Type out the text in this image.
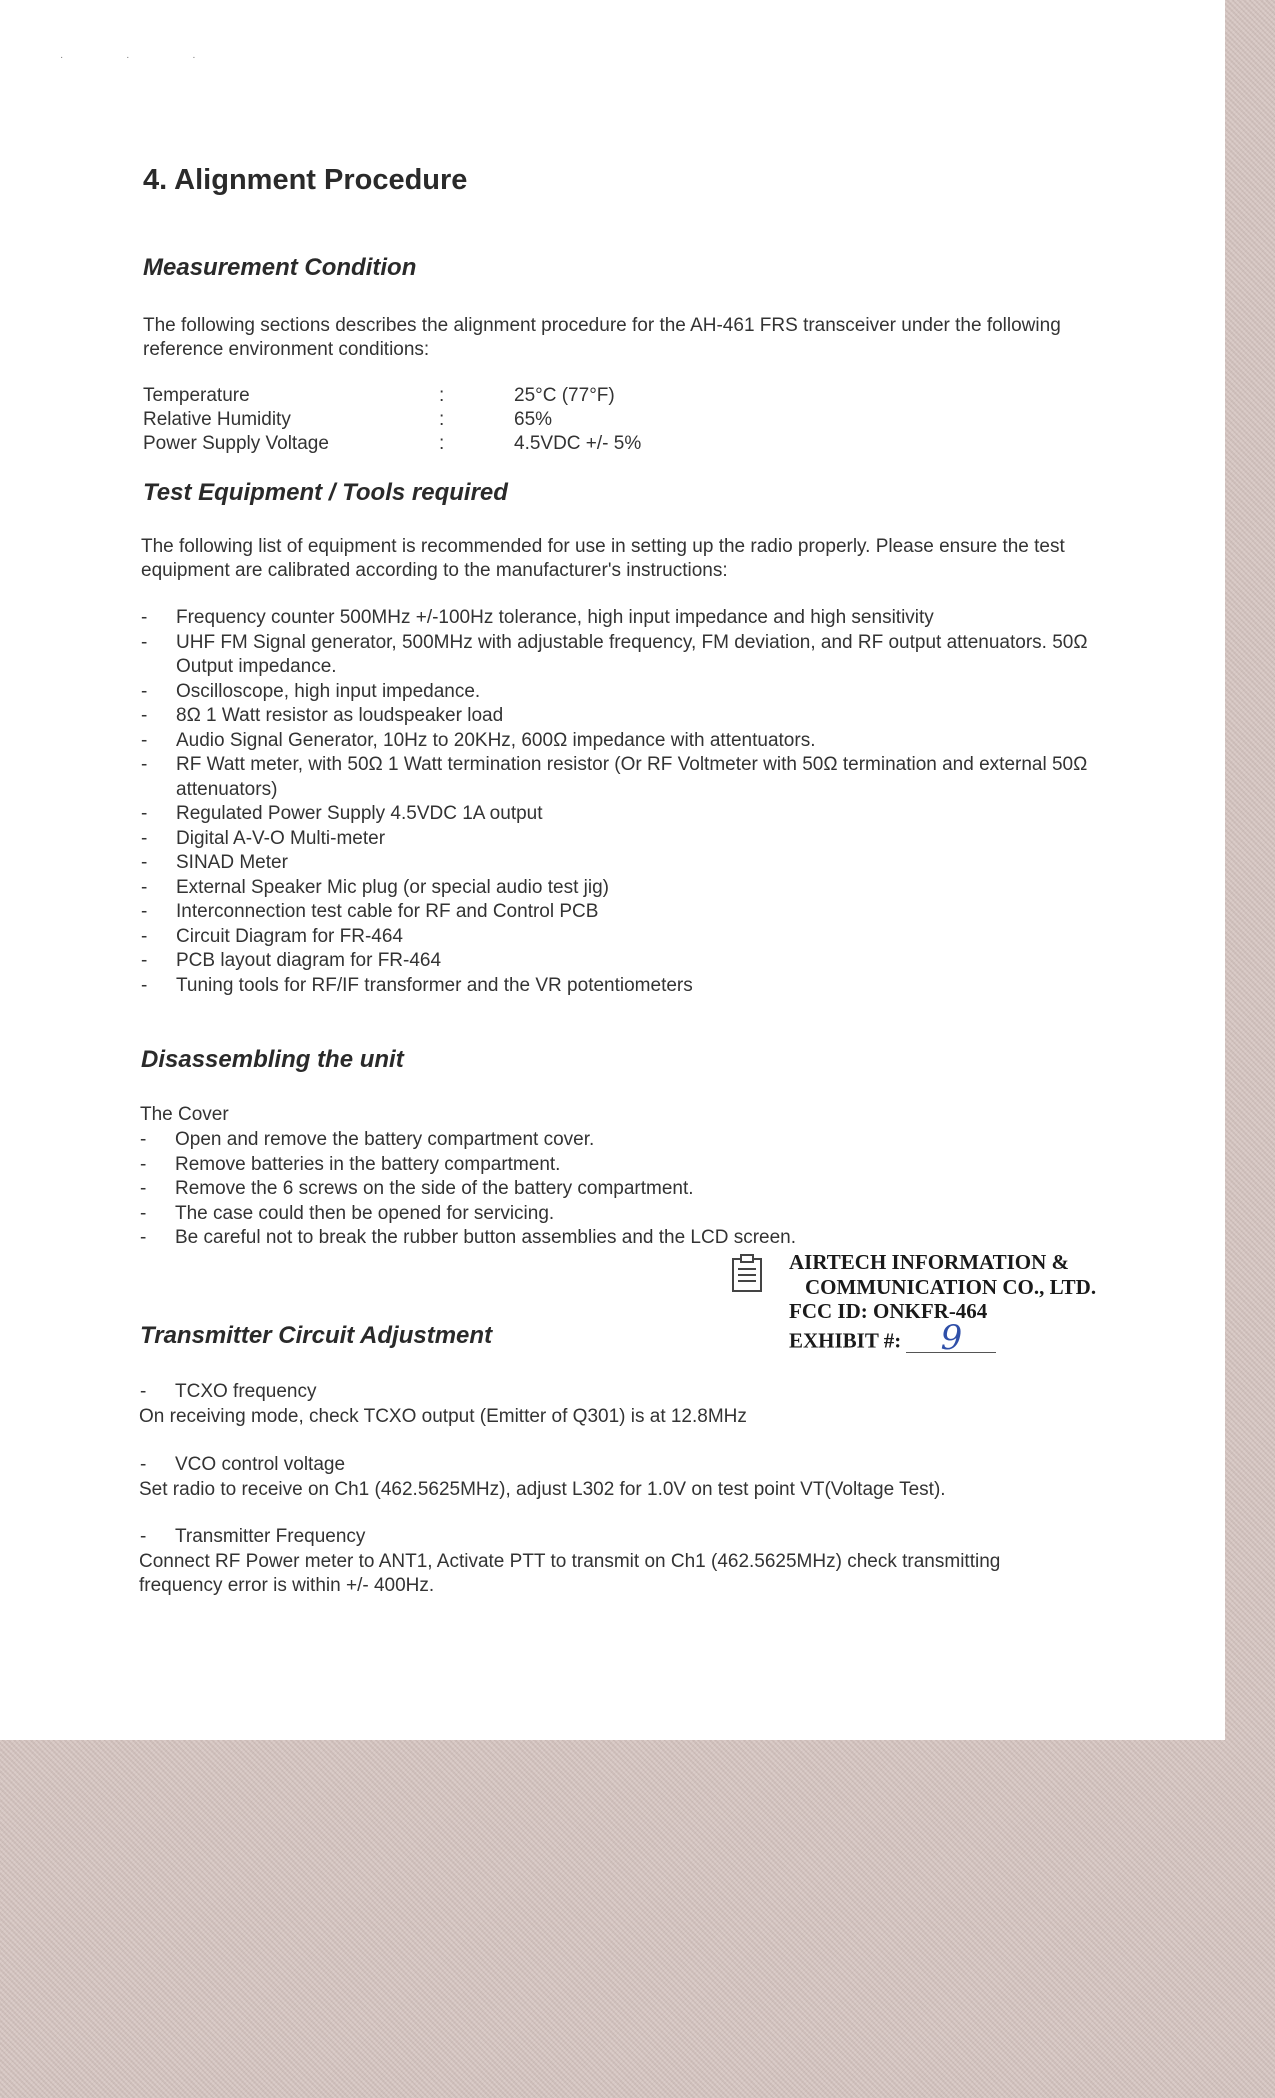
· · ·
4. Alignment Procedure
Measurement Condition
The following sections describes the alignment procedure for the AH-461 FRS transceiver under the following reference environment conditions:
Temperature	:	25°C (77°F)
Relative Humidity	:	65%
Power Supply Voltage	:	4.5VDC +/- 5%
Test Equipment / Tools required
The following list of equipment is recommended for use in setting up the radio properly. Please ensure the test equipment are calibrated according to the manufacturer's instructions:
- Frequency counter 500MHz +/-100Hz tolerance, high input impedance and high sensitivity
- UHF FM Signal generator, 500MHz with adjustable frequency, FM deviation, and RF output attenuators. 50Ω Output impedance.
- Oscilloscope, high input impedance.
- 8Ω 1 Watt resistor as loudspeaker load
- Audio Signal Generator, 10Hz to 20KHz, 600Ω impedance with attentuators.
- RF Watt meter, with 50Ω 1 Watt termination resistor (Or RF Voltmeter with 50Ω termination and external 50Ω attenuators)
- Regulated Power Supply 4.5VDC 1A output
- Digital A-V-O Multi-meter
- SINAD Meter
- External Speaker Mic plug (or special audio test jig)
- Interconnection test cable for RF and Control PCB
- Circuit Diagram for FR-464
- PCB layout diagram for FR-464
- Tuning tools for RF/IF transformer and the VR potentiometers
Disassembling the unit
The Cover
- Open and remove the battery compartment cover.
- Remove batteries in the battery compartment.
- Remove the 6 screws on the side of the battery compartment.
- The case could then be opened for servicing.
- Be careful not to break the rubber button assemblies and the LCD screen.
AIRTECH INFORMATION &
COMMUNICATION CO., LTD.
FCC ID: ONKFR-464
EXHIBIT #: 9
Transmitter Circuit Adjustment
- TCXO frequency
On receiving mode, check TCXO output (Emitter of Q301) is at 12.8MHz
- VCO control voltage
Set radio to receive on Ch1 (462.5625MHz), adjust L302 for 1.0V on test point VT(Voltage Test).
- Transmitter Frequency
Connect RF Power meter to ANT1, Activate PTT to transmit on Ch1 (462.5625MHz) check transmitting frequency error is within +/- 400Hz.
